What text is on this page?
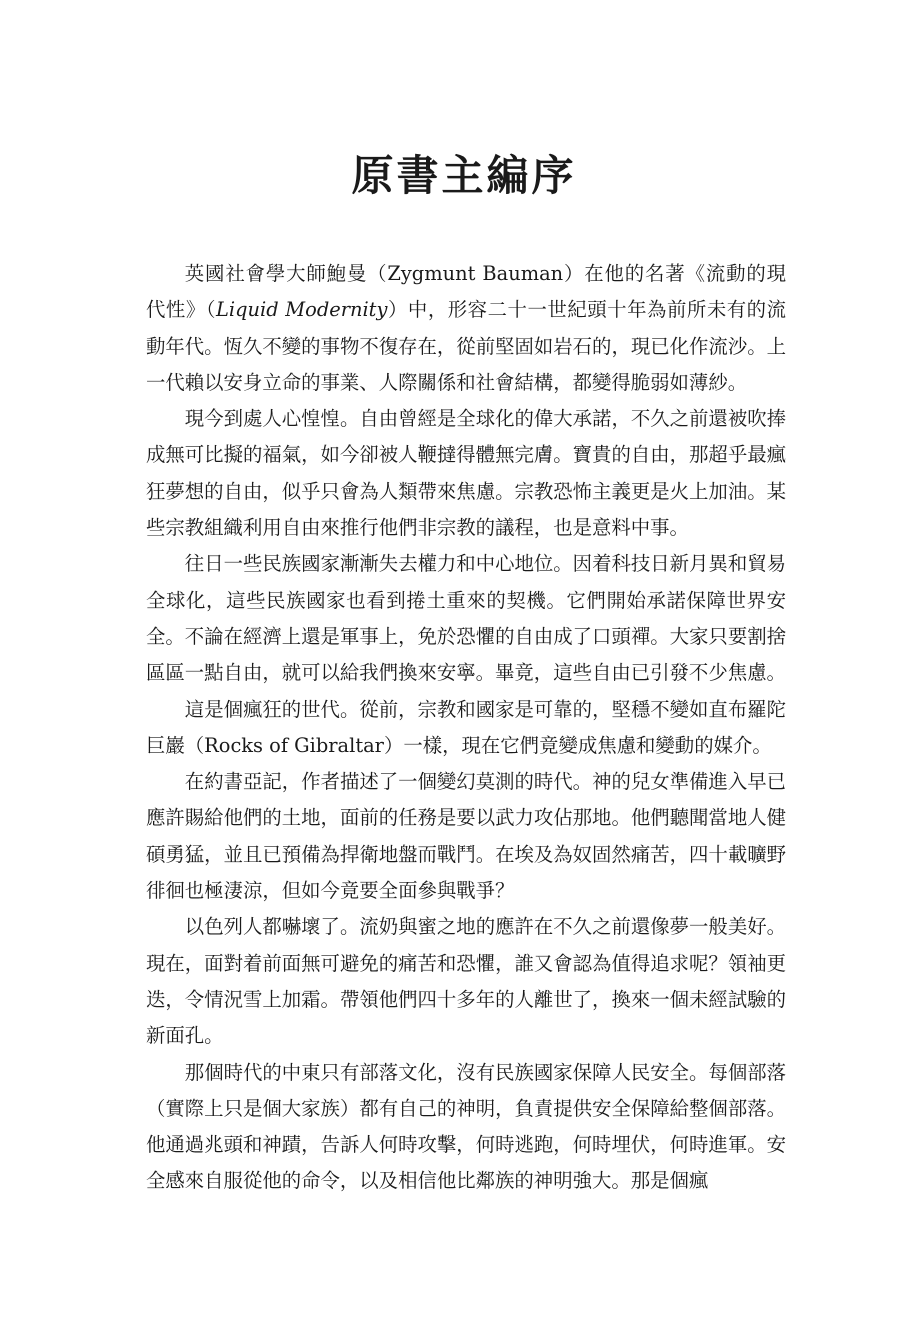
原書主編序

英國社會學大師鮑曼（Zygmunt Bauman）在他的名著《流動的現代性》（Liquid Modernity）中，形容二十一世紀頭十年為前所未有的流動年代。恆久不變的事物不復存在，從前堅固如岩石的，現已化作流沙。上一代賴以安身立命的事業、人際關係和社會結構，都變得脆弱如薄紗。

現今到處人心惶惶。自由曾經是全球化的偉大承諾，不久之前還被吹捧成無可比擬的福氣，如今卻被人鞭撻得體無完膚。寶貴的自由，那超乎最瘋狂夢想的自由，似乎只會為人類帶來焦慮。宗教恐怖主義更是火上加油。某些宗教組織利用自由來推行他們非宗教的議程，也是意料中事。

往日一些民族國家漸漸失去權力和中心地位。因着科技日新月異和貿易全球化，這些民族國家也看到捲土重來的契機。它們開始承諾保障世界安全。不論在經濟上還是軍事上，免於恐懼的自由成了口頭禪。大家只要割捨區區一點自由，就可以給我們換來安寧。畢竟，這些自由已引發不少焦慮。

這是個瘋狂的世代。從前，宗教和國家是可靠的，堅穩不變如直布羅陀巨巖（Rocks of Gibraltar）一樣，現在它們竟變成焦慮和變動的媒介。

在約書亞記，作者描述了一個變幻莫測的時代。神的兒女準備進入早已應許賜給他們的土地，面前的任務是要以武力攻佔那地。他們聽聞當地人健碩勇猛，並且已預備為捍衛地盤而戰鬥。在埃及為奴固然痛苦，四十載曠野徘徊也極淒涼，但如今竟要全面參與戰爭？

以色列人都嚇壞了。流奶與蜜之地的應許在不久之前還像夢一般美好。現在，面對着前面無可避免的痛苦和恐懼，誰又會認為值得追求呢？領袖更迭，令情況雪上加霜。帶領他們四十多年的人離世了，換來一個未經試驗的新面孔。

那個時代的中東只有部落文化，沒有民族國家保障人民安全。每個部落（實際上只是個大家族）都有自己的神明，負責提供安全保障給整個部落。他通過兆頭和神蹟，告訴人何時攻擊，何時逃跑，何時埋伏，何時進軍。安全感來自服從他的命令，以及相信他比鄰族的神明強大。那是個瘋
